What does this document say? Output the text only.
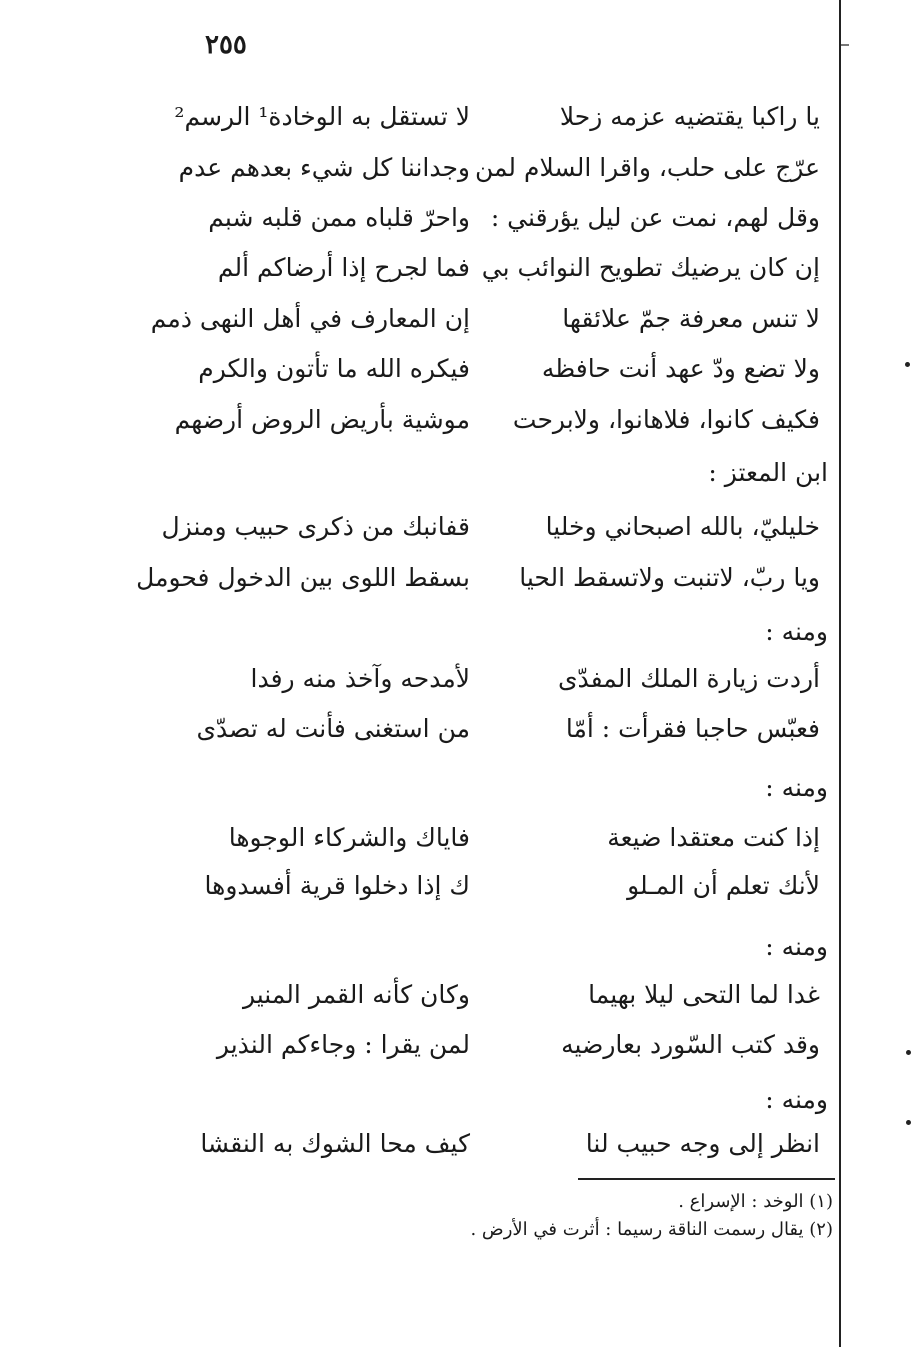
٢٥٥
يا راكبا يقتضيه عزمه زحلا
لا تستقل به الوخادة¹ الرسم²
عرّج على حلب، واقرا السلام لمن
وجداننا كل شيء بعدهم عدم
وقل لهم، نمت عن ليل يؤرقني :
واحرّ قلباه ممن قلبه شبم
إن كان يرضيك تطويح النوائب بي
فما لجرح إذا أرضاكم ألم
لا تنس معرفة جمّ علائقها
إن المعارف في أهل النهى ذمم
ولا تضع ودّ عهد أنت حافظه
فيكره الله ما تأتون والكرم
فكيف كانوا، فلاهانوا، ولابرحت
موشية بأريض الروض أرضهم
ابن المعتز :
خليليّ، بالله اصبحاني وخليا
قفانبك من ذكرى حبيب ومنزل
ويا ربّ، لاتنبت ولاتسقط الحيا
بسقط اللوى بين الدخول فحومل
ومنه :
أردت زيارة الملك المفدّى
لأمدحه وآخذ منه رفدا
فعبّس حاجبا فقرأت : أمّا
من استغنى فأنت له تصدّى
ومنه :
إذا كنت معتقدا ضيعة
فاياك والشركاء الوجوها
لأنك تعلم أن المـلو
ك إذا دخلوا قرية أفسدوها
ومنه :
غدا لما التحى ليلا بهيما
وكان كأنه القمر المنير
وقد كتب السّورد بعارضيه
لمن يقرا : وجاءكم النذير
ومنه :
انظر إلى وجه حبيب لنا
كيف محا الشوك به النقشا
(١) الوخد : الإسراع .
(٢) يقال رسمت الناقة رسيما : أثرت في الأرض .
